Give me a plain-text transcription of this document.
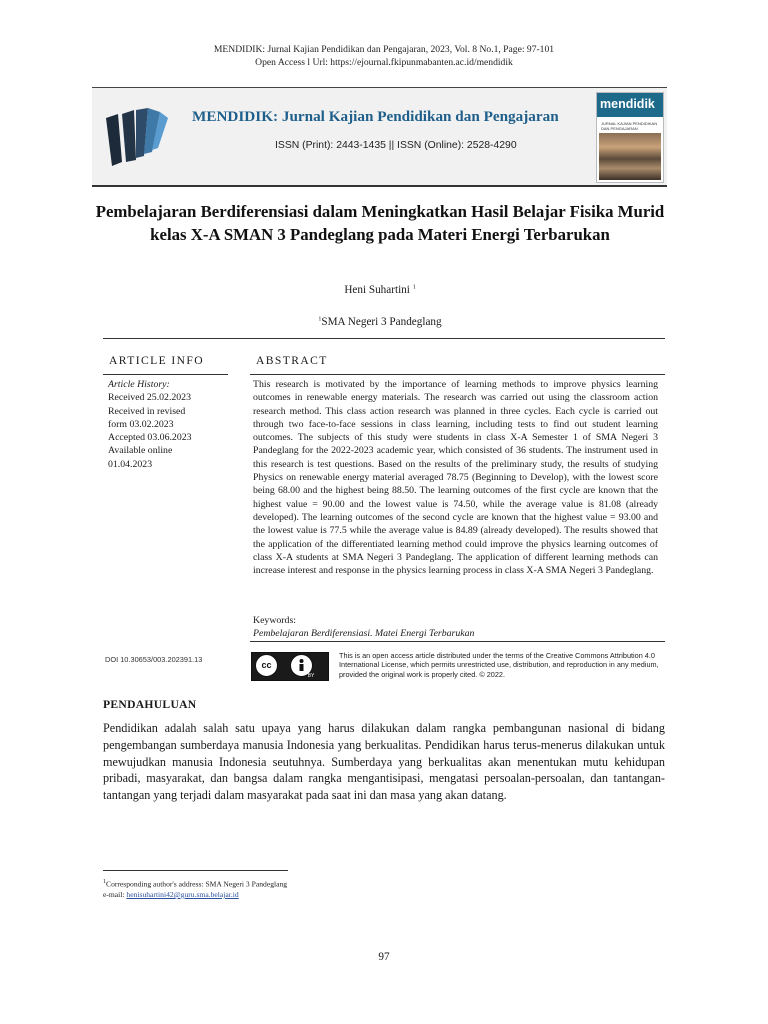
MENDIDIK: Jurnal Kajian Pendidikan dan Pengajaran, 2023, Vol. 8 No.1, Page: 97-101
Open Access l Url: https://ejournal.fkipunmabanten.ac.id/mendidik
MENDIDIK: Jurnal Kajian Pendidikan dan Pengajaran
ISSN (Print): 2443-1435 || ISSN (Online): 2528-4290
mendidik
JURNAL KAJIAN PENDIDIKAN DAN PENGAJARAN
Pembelajaran Berdiferensiasi dalam Meningkatkan Hasil Belajar Fisika Murid kelas X-A SMAN 3 Pandeglang pada Materi Energi Terbarukan
Heni Suhartini $^1$
$^1$SMA Negeri 3 Pandeglang
ARTICLE INFO	ABSTRACT
Article History:
Received 25.02.2023
Received in revised
form 03.02.2023
Accepted 03.06.2023
Available online
01.04.2023
This research is motivated by the importance of learning methods to improve physics learning outcomes in renewable energy materials. The research was carried out using the classroom action research method. This class action research was planned in three cycles. Each cycle is carried out through two face-to-face sessions in class learning, including tests to find out student learning outcomes. The subjects of this study were students in class X-A Semester 1 of SMA Negeri 3 Pandeglang for the 2022-2023 academic year, which consisted of 36 students. The instrument used in this research is test questions. Based on the results of the preliminary study, the results of studying Physics on renewable energy material averaged 78.75 (Beginning to Develop), with the lowest score being 68.00 and the highest being 88.50. The learning outcomes of the first cycle are known that the highest value = 90.00 and the lowest value is 74.50, while the average value is 81.08 (already developed). The learning outcomes of the second cycle are known that the highest value = 93.00 and the lowest value is 77.5 while the average value is 84.89 (already developed). The results showed that the application of the differentiated learning method could improve the physics learning outcomes of class X-A students at SMA Negeri 3 Pandeglang. The application of different learning methods can increase interest and response in the physics learning process in class X-A SMA Negeri 3 Pandeglang.
Keywords:
Pembelajaran Berdiferensiasi. Matei Energi Terbarukan
DOI 10.30653/003.202391.13
cc
BY
This is an open access article distributed under the terms of the Creative Commons Attribution 4.0 International License, which permits unrestricted use, distribution, and reproduction in any medium, provided the original work is properly cited. © 2022.
PENDAHULUAN
Pendidikan adalah salah satu upaya yang harus dilakukan dalam rangka pembangunan nasional di bidang pengembangan sumberdaya manusia Indonesia yang berkualitas. Pendidikan harus terus-menerus dilakukan untuk mewujudkan manusia Indonesia seutuhnya. Sumberdaya yang berkualitas akan menentukan mutu kehidupan pribadi, masyarakat, dan bangsa dalam rangka mengantisipasi, mengatasi persoalan-persoalan, dan tantangan-tantangan yang terjadi dalam masyarakat pada saat ini dan masa yang akan datang.
$^1$Corresponding author's address: SMA Negeri 3 Pandeglang
e-mail: henisuhartini42@guru.sma.belajar.id
97
